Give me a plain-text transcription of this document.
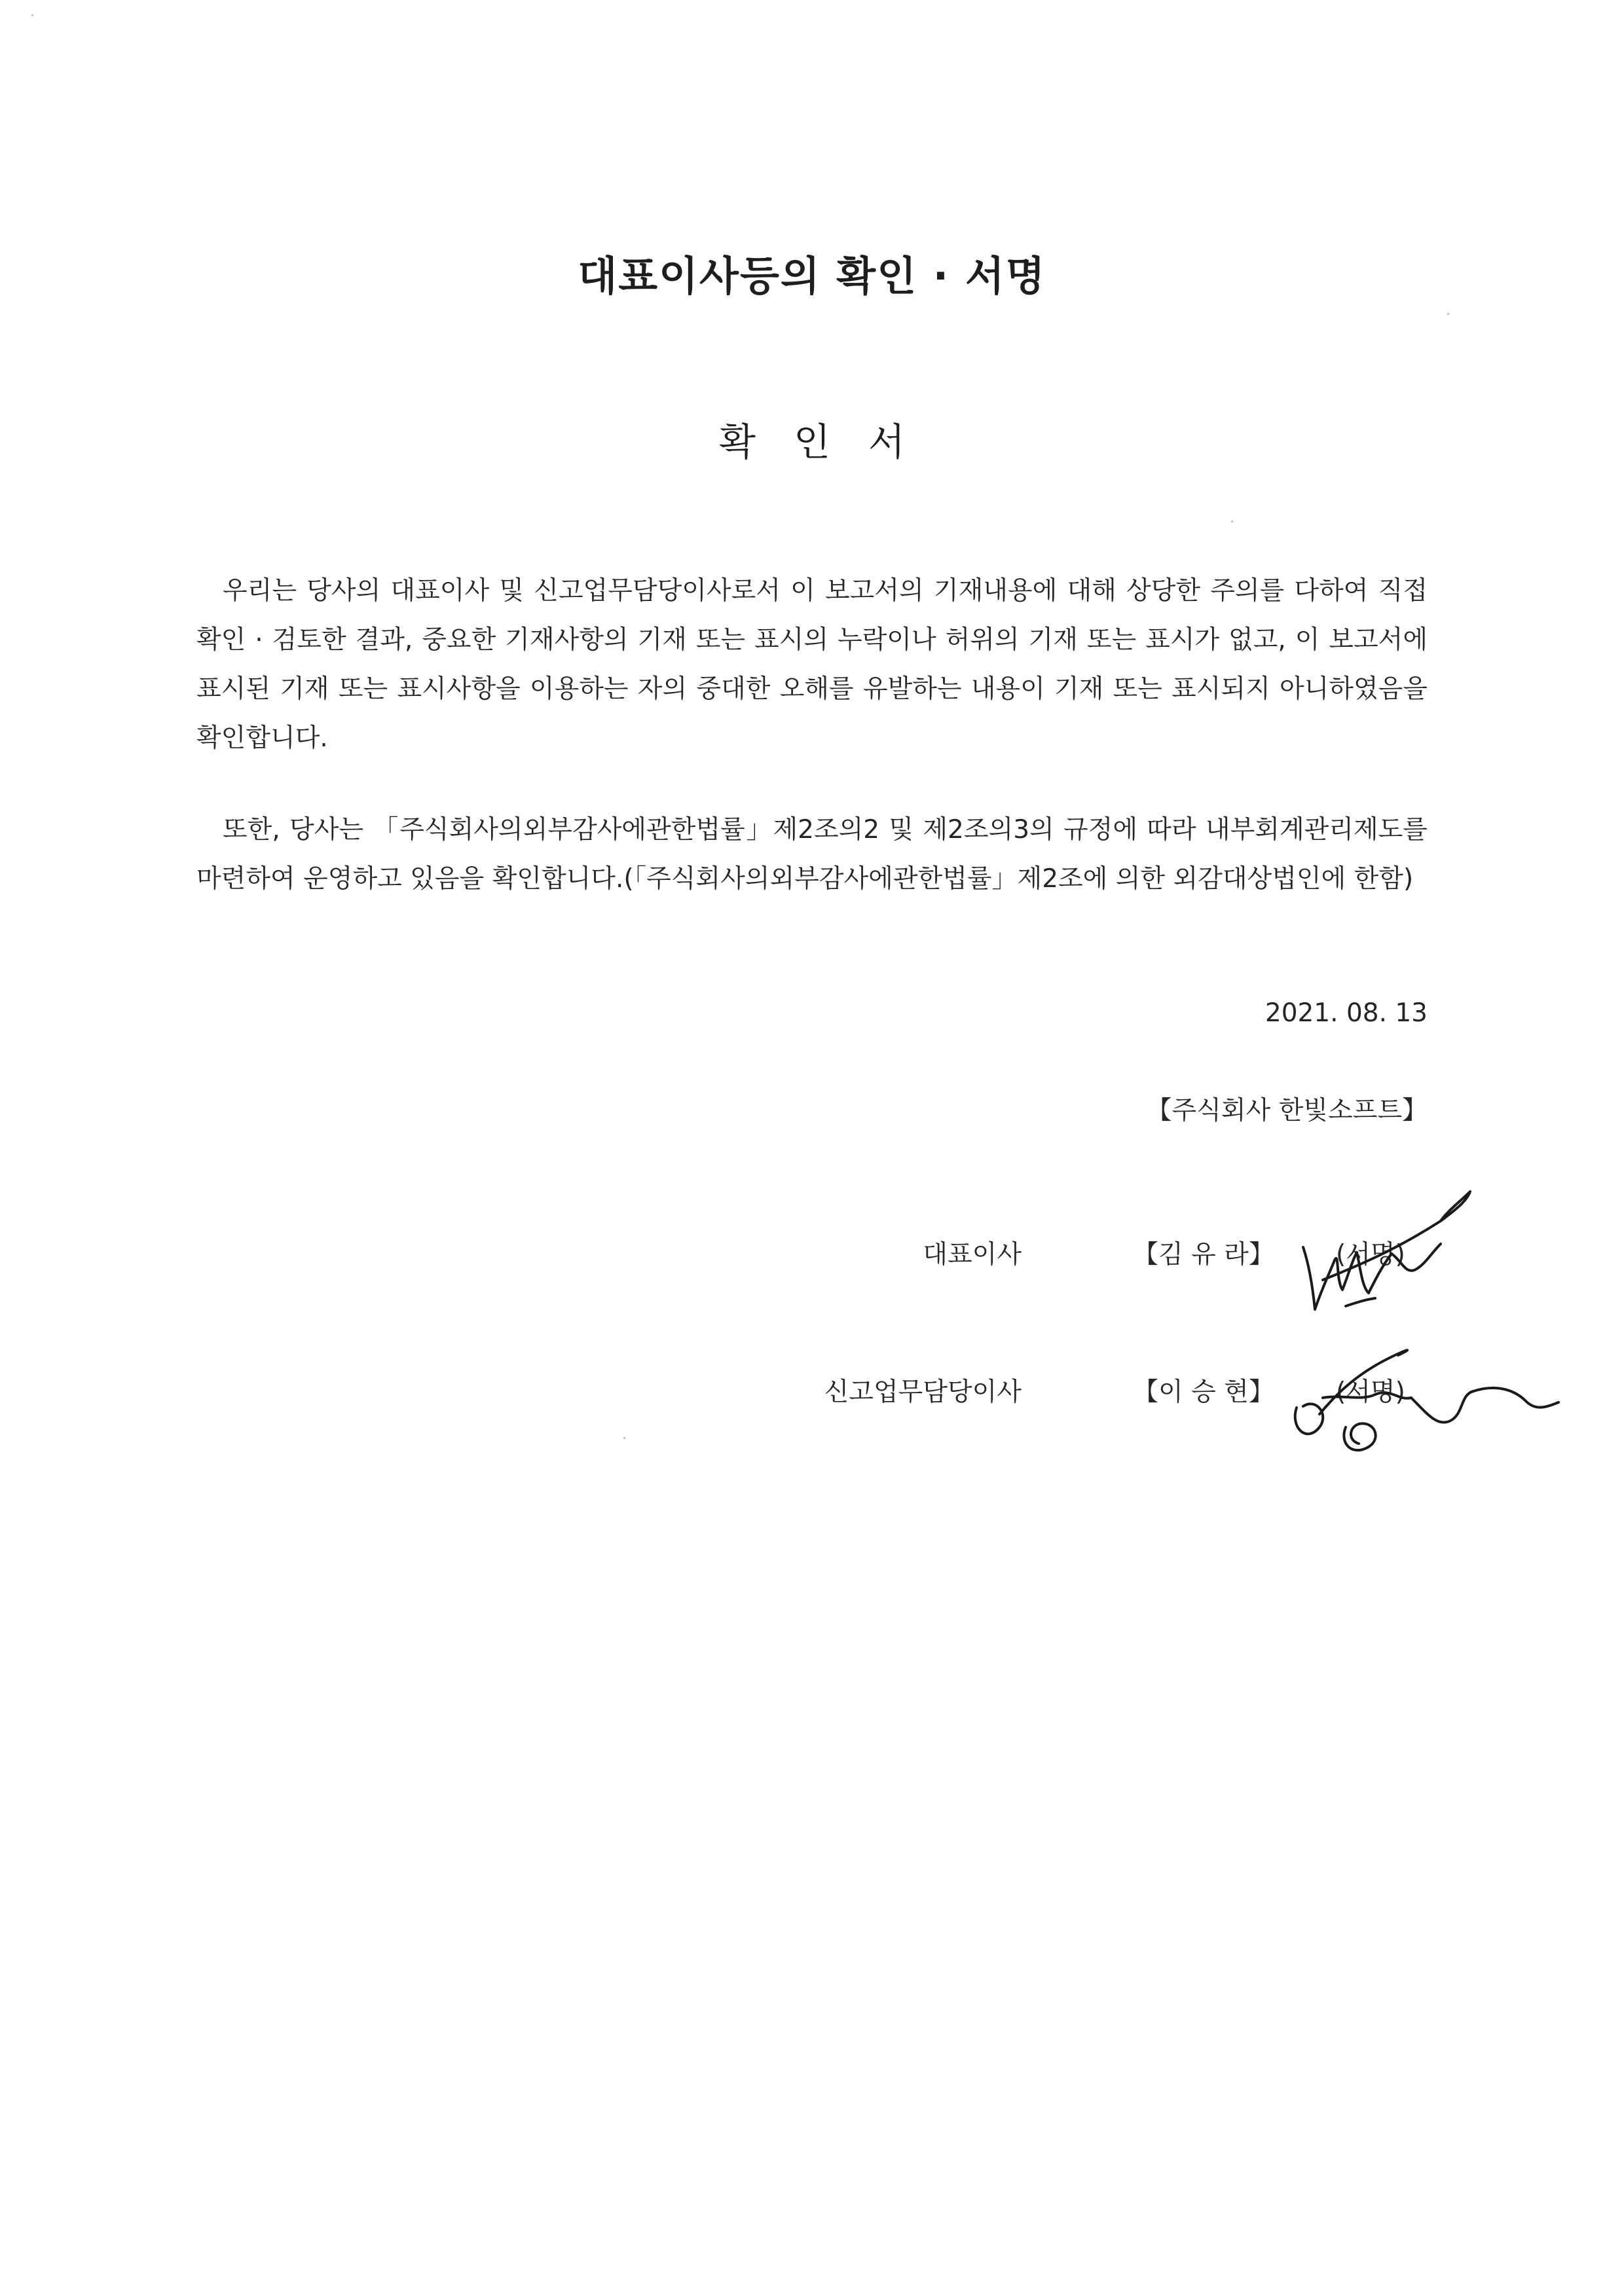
대표이사등의 확인 · 서명
확인서

우리는 당사의 대표이사 및 신고업무담당이사로서 이 보고서의 기재내용에 대해 상당한 주의를 다하여 직접 확인 · 검토한 결과, 중요한 기재사항의 기재 또는 표시의 누락이나 허위의 기재 또는 표시가 없고, 이 보고서에 표시된 기재 또는 표시사항을 이용하는 자의 중대한 오해를 유발하는 내용이 기재 또는 표시되지 아니하였음을 확인합니다.

또한, 당사는 「주식회사의외부감사에관한법률」제2조의2 및 제2조의3의 규정에 따라 내부회계관리제도를 마련하여 운영하고 있음을 확인합니다.(「주식회사의외부감사에관한법률」제2조에 의한 외감대상법인에 한함)

2021. 08. 13
【주식회사 한빛소프트】
대표이사	【김 유 라】 (서명)
신고업무담당이사	【이 승 현】 (서명)
